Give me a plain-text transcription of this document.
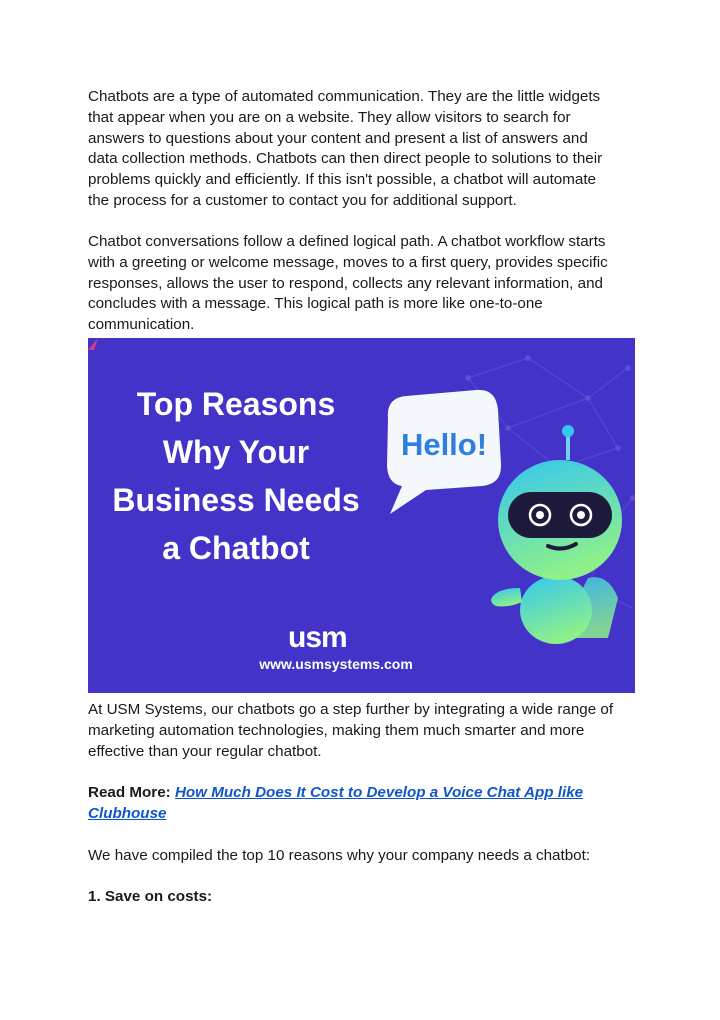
Chatbots are a type of automated communication. They are the little widgets
that appear when you are on a website. They allow visitors to search for
answers to questions about your content and present a list of answers and
data collection methods. Chatbots can then direct people to solutions to their
problems quickly and efficiently. If this isn't possible, a chatbot will automate
the process for a customer to contact you for additional support.

Chatbot conversations follow a defined logical path. A chatbot workflow starts
with a greeting or welcome message, moves to a first query, provides specific
responses, allows the user to respond, collects any relevant information, and
concludes with a message. This logical path is more like one-to-one
communication.

Hello!
Top Reasons
Why Your
Business Needs
a Chatbot
usm
www.usmsystems.com

At USM Systems, our chatbots go a step further by integrating a wide range of
marketing automation technologies, making them much smarter and more
effective than your regular chatbot.

Read More: How Much Does It Cost to Develop a Voice Chat App like
Clubhouse

We have compiled the top 10 reasons why your company needs a chatbot:

1. Save on costs:
